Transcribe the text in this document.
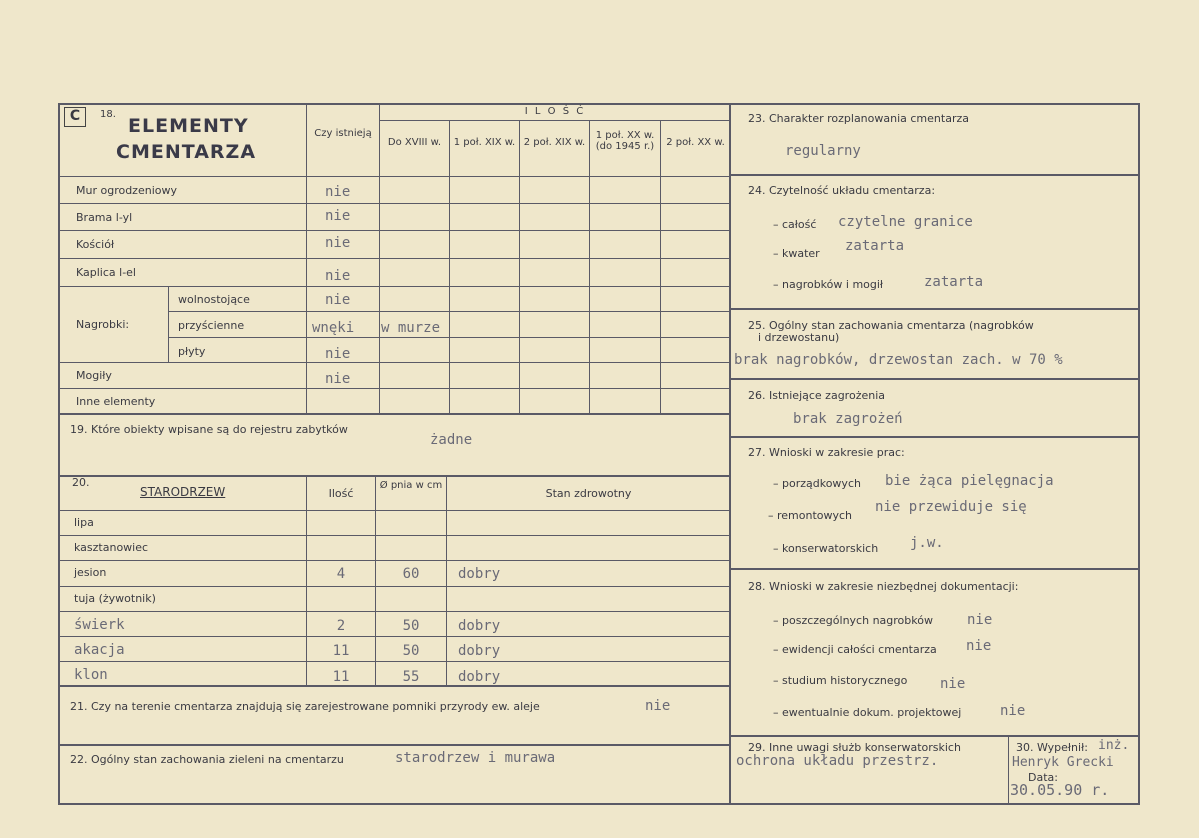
C	18.
ELEMENTY
CMENTARZA
Czy istnieją
I L O Ś Ć
Do XVIII w.	1 poł. XIX w. 2 poł. XIX w.
1 poł. XX w. (do 1945 r.)	2 poł. XX w.
Mur ogrodzeniowy	nie
Brama l-yl	nie
Kościół	nie
Kaplica l-el	nie
Nagrobki:
wolnostojące	nie
przyścienne	wnęki w murze
płyty	nie
Mogiły	nie
Inne elementy
19. Które obiekty wpisane są do rejestru zabytków
żadne
20.
STARODRZEW	Ilość
Ø pnia w cm
Stan zdrowotny
lipa
kasztanowiec
jesion	4	60	dobry
tuja (żywotnik)
świerk	2	50	dobry
akacja	11	50	dobry
klon	11	55	dobry
21. Czy na terenie cmentarza znajdują się zarejestrowane pomniki przyrody ew. aleje	nie
22. Ogólny stan zachowania zieleni na cmentarzu	starodrzew i murawa
23. Charakter rozplanowania cmentarza
regularny
24. Czytelność układu cmentarza:
– całość czytelne granice
– kwater zatarta
– nagrobków i mogił	zatarta
25. Ogólny stan zachowania cmentarza (nagrobków
i drzewostanu)
brak nagrobków, drzewostan zach. w 70 %
26. Istniejące zagrożenia
brak zagrożeń
27. Wnioski w zakresie prac:
– porządkowych bie żąca pielęgnacja
– remontowych
nie przewiduje się
– konserwatorskich j.w.
28. Wnioski w zakresie niezbędnej dokumentacji:
– poszczególnych nagrobków nie
– ewidencji całości cmentarza nie
– studium historycznego nie
– ewentualnie dokum. projektowej	nie
29. Inne uwagi służb konserwatorskich
ochrona układu przestrz.
30. Wypełnił: inż.
Henryk Grecki
Data:
30.05.90 r.
